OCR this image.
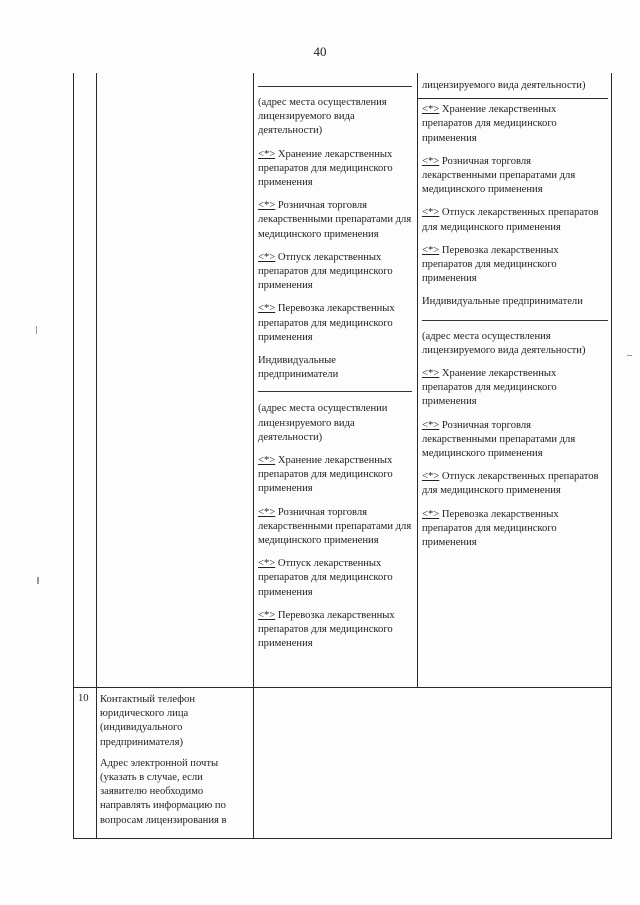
40

(адрес места осуществления лицензируемого вида деятельности)

<*> Хранение лекарственных препаратов для медицинского применения

<*> Розничная торговля лекарственными препаратами для медицинского применения

<*> Отпуск лекарственных препаратов для медицинского применения

<*> Перевозка лекарственных препаратов для медицинского применения

Индивидуальные предприниматели

(адрес места осуществлении лицензируемого вида деятельности)

<*> Хранение лекарственных препаратов для медицинского применения

<*> Розничная торговля лекарственными препаратами для медицинского применения

<*> Отпуск лекарственных препаратов для медицинского применения

<*> Перевозка лекарственных препаратов для медицинского применения

лицензируемого вида деятельности)

<*> Хранение лекарственных препаратов для медицинского применения

<*> Розничная торговля лекарственными препаратами для медицинского применения

<*> Отпуск лекарственных препаратов для медицинского применения

<*> Перевозка лекарственных препаратов для медицинского применения

Индивидуальные предприниматели

(адрес места осуществления лицензируемого вида деятельности)

<*> Хранение лекарственных препаратов для медицинского применения

<*> Розничная торговля лекарственными препаратами для медицинского применения

<*> Отпуск лекарственных препаратов для медицинского применения

<*> Перевозка лекарственных препаратов для медицинского применения

10 Контактный телефон юридического лица (индивидуального предпринимателя)

Адрес электронной почты (указать в случае, если заявителю необходимо направлять информацию по вопросам лицензирования в
